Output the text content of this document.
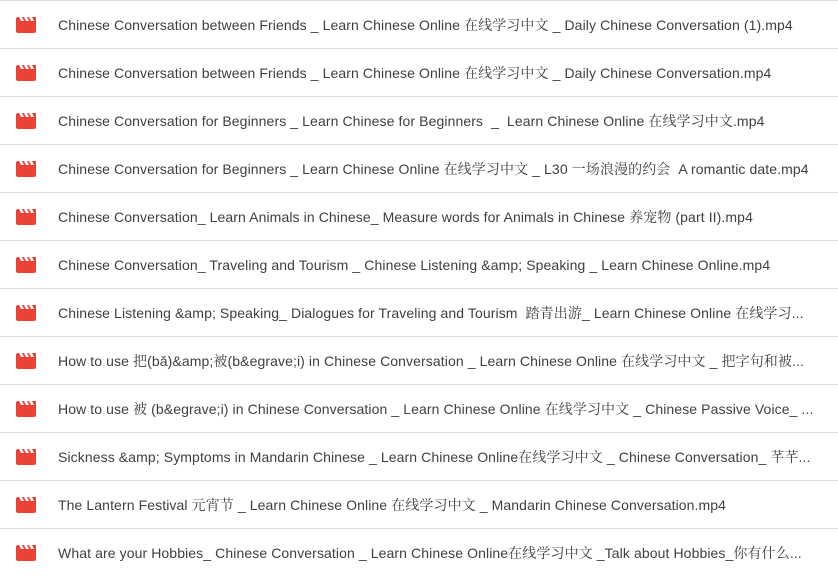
Chinese Conversation between Friends _ Learn Chinese Online 在线学习中文 _ Daily Chinese Conversation (1).mp4
Chinese Conversation between Friends _ Learn Chinese Online 在线学习中文 _ Daily Chinese Conversation.mp4
Chinese Conversation for Beginners _ Learn Chinese for Beginners  _  Learn Chinese Online 在线学习中文.mp4
Chinese Conversation for Beginners _ Learn Chinese Online 在线学习中文 _ L30 一场浪漫的约会  A romantic date.mp4
Chinese Conversation_ Learn Animals in Chinese_ Measure words for Animals in Chinese 养宠物 (part II).mp4
Chinese Conversation_ Traveling and Tourism _ Chinese Listening &amp; Speaking _ Learn Chinese Online.mp4
Chinese Listening &amp; Speaking_ Dialogues for Traveling and Tourism  踏青出游_ Learn Chinese Online 在线学习...
How to use 把(bǎ)&amp;被(b&egrave;i) in Chinese Conversation _ Learn Chinese Online 在线学习中文 _ 把字句和被...
How to use 被 (b&egrave;i) in Chinese Conversation _ Learn Chinese Online 在线学习中文 _ Chinese Passive Voice_ ...
Sickness &amp; Symptoms in Mandarin Chinese _ Learn Chinese Online在线学习中文 _ Chinese Conversation_ 芊芊...
The Lantern Festival 元宵节 _ Learn Chinese Online 在线学习中文 _ Mandarin Chinese Conversation.mp4
What are your Hobbies_ Chinese Conversation _ Learn Chinese Online在线学习中文 _Talk about Hobbies_你有什么...
